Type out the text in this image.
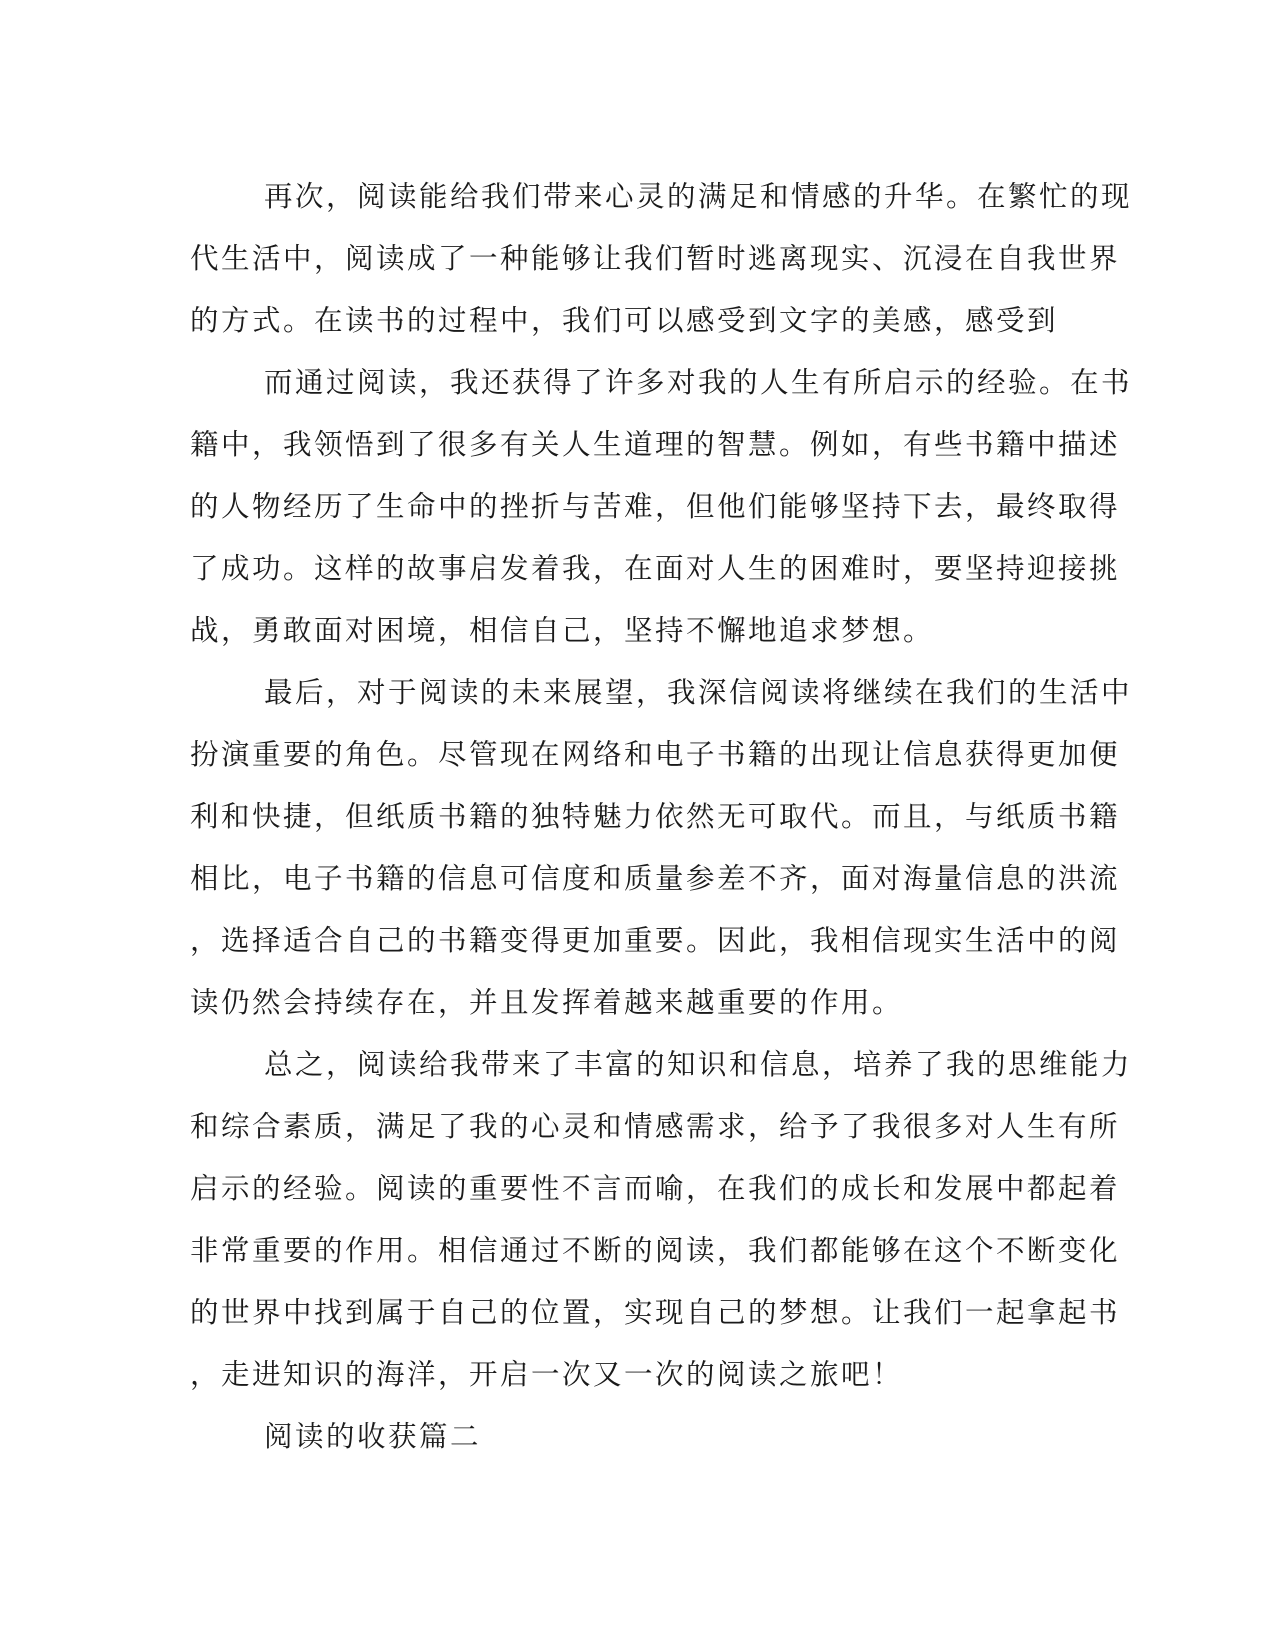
再次，阅读能给我们带来心灵的满足和情感的升华。在繁忙的现
代生活中，阅读成了一种能够让我们暂时逃离现实、沉浸在自我世界
的方式。在读书的过程中，我们可以感受到文字的美感，感受到
而通过阅读，我还获得了许多对我的人生有所启示的经验。在书
籍中，我领悟到了很多有关人生道理的智慧。例如，有些书籍中描述
的人物经历了生命中的挫折与苦难，但他们能够坚持下去，最终取得
了成功。这样的故事启发着我，在面对人生的困难时，要坚持迎接挑
战，勇敢面对困境，相信自己，坚持不懈地追求梦想。
最后，对于阅读的未来展望，我深信阅读将继续在我们的生活中
扮演重要的角色。尽管现在网络和电子书籍的出现让信息获得更加便
利和快捷，但纸质书籍的独特魅力依然无可取代。而且，与纸质书籍
相比，电子书籍的信息可信度和质量参差不齐，面对海量信息的洪流
，选择适合自己的书籍变得更加重要。因此，我相信现实生活中的阅
读仍然会持续存在，并且发挥着越来越重要的作用。
总之，阅读给我带来了丰富的知识和信息，培养了我的思维能力
和综合素质，满足了我的心灵和情感需求，给予了我很多对人生有所
启示的经验。阅读的重要性不言而喻，在我们的成长和发展中都起着
非常重要的作用。相信通过不断的阅读，我们都能够在这个不断变化
的世界中找到属于自己的位置，实现自己的梦想。让我们一起拿起书
，走进知识的海洋，开启一次又一次的阅读之旅吧！
阅读的收获篇二
